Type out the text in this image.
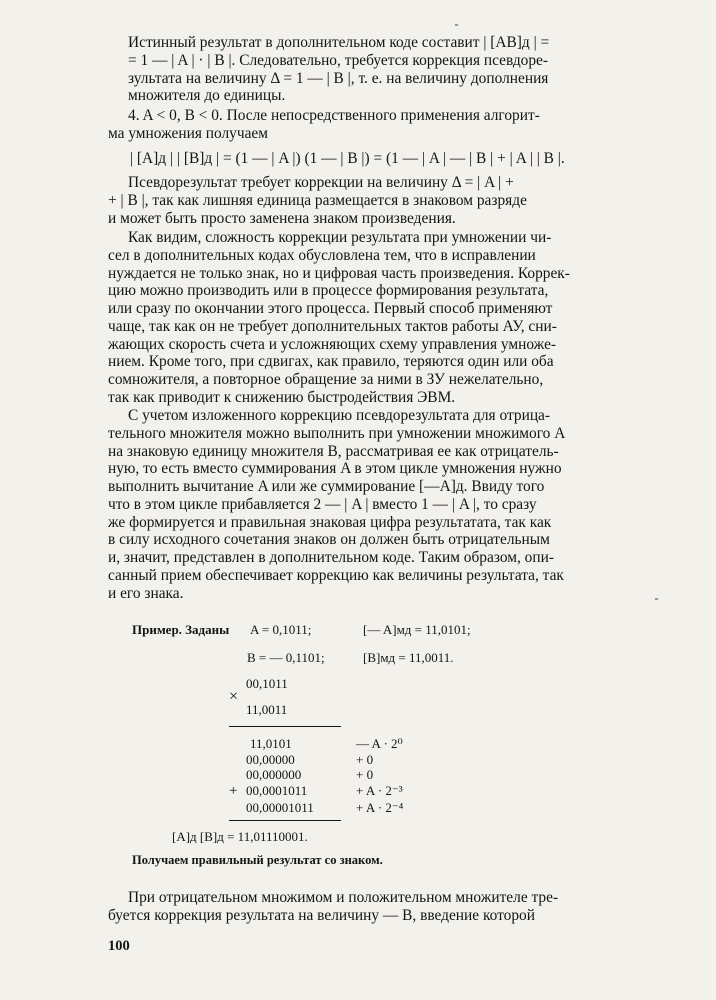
Истинный результат в дополнительном коде составит | [AB]д | =
= 1 — | A | · | B |. Следовательно, требуется коррекция псевдоре-
зультата на величину Δ = 1 — | B |, т. е. на величину дополнения
множителя до единицы.

4. A < 0, B < 0. После непосредственного применения алгорит-
ма умножения получаем

| [A]д | | [B]д | = (1 — | A |) (1 — | B |) = (1 — | A | — | B | + | A | | B |.

Псевдорезультат требует коррекции на величину Δ = | A | +
+ | B |, так как лишняя единица размещается в знаковом разряде
и может быть просто заменена знаком произведения.

Как видим, сложность коррекции результата при умножении чи-
сел в дополнительных кодах обусловлена тем, что в исправлении
нуждается не только знак, но и цифровая часть произведения. Коррек-
цию можно производить или в процессе формирования результата,
или сразу по окончании этого процесса. Первый способ применяют
чаще, так как он не требует дополнительных тактов работы АУ, сни-
жающих скорость счета и усложняющих схему управления умноже-
нием. Кроме того, при сдвигах, как правило, теряются один или оба
сомножителя, а повторное обращение за ними в ЗУ нежелательно,
так как приводит к снижению быстродействия ЭВМ.

С учетом изложенного коррекцию псевдорезультата для отрица-
тельного множителя можно выполнить при умножении множимого A
на знаковую единицу множителя B, рассматривая ее как отрицатель-
ную, то есть вместо суммирования A в этом цикле умножения нужно
выполнить вычитание A или же суммирование [—A]д. Ввиду того
что в этом цикле прибавляется 2 — | A | вместо 1 — | A |, то сразу
же формируется и правильная знаковая цифра результатата, так как
в силу исходного сочетания знаков он должен быть отрицательным
и, значит, представлен в дополнительном коде. Таким образом, опи-
санный прием обеспечивает коррекцию как величины результата, так
и его знака.

Пример. Заданы A = 0,1011;	[— A]мд = 11,0101;
B = — 0,1101;	[B]мд = 11,0011.
00,1011
×
11,0011
11,0101	— A · 2⁰
00,00000	+ 0
00,000000	+ 0
+ 00,0001011	+ A · 2⁻³
00,00001011	+ A · 2⁻⁴
[A]д [B]д = 11,01110001.
Получаем правильный результат со знаком.

При отрицательном множимом и положительном множителе тре-
буется коррекция результата на величину — B, введение которой

100
